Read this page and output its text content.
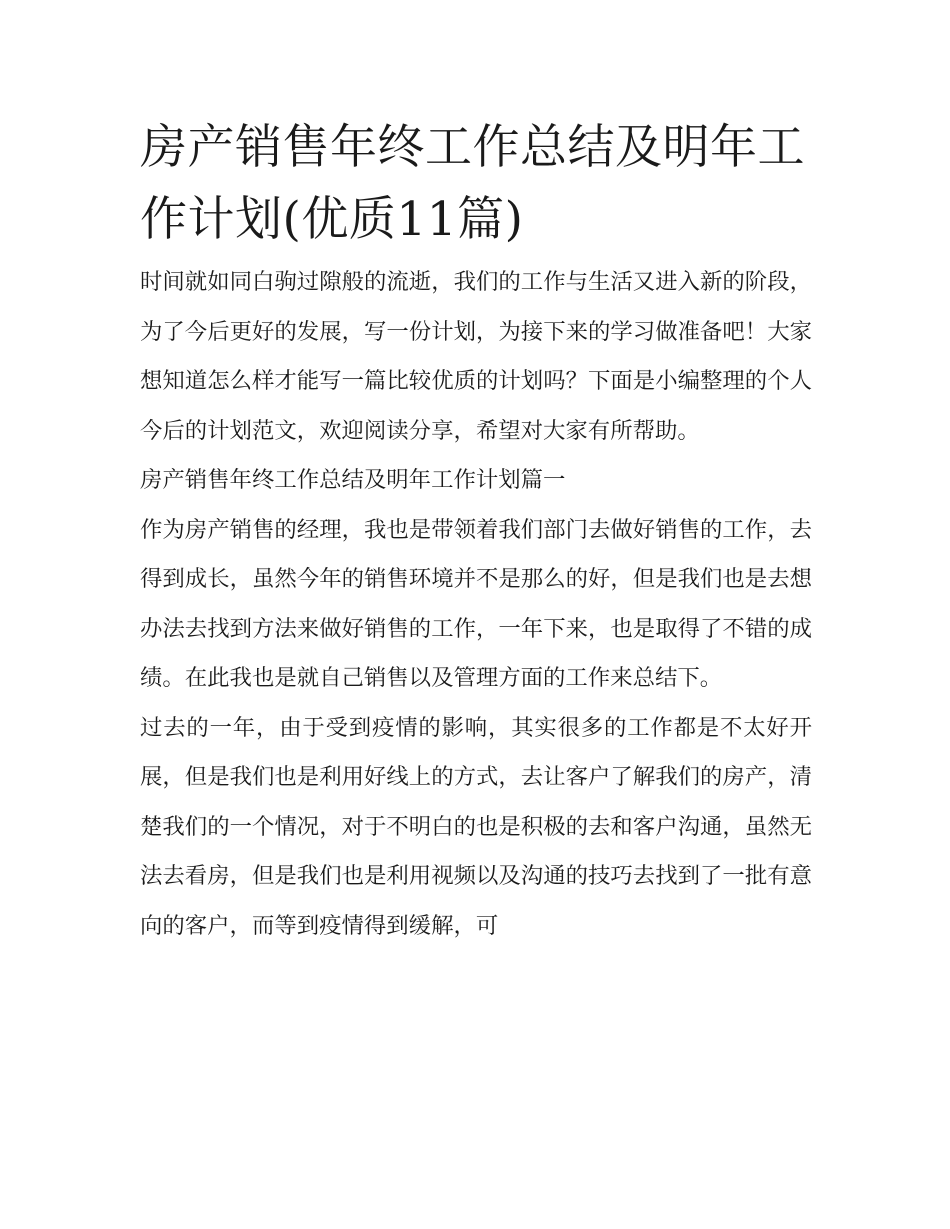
房产销售年终工作总结及明年工作计划(优质11篇)

时间就如同白驹过隙般的流逝，我们的工作与生活又进入新的阶段，为了今后更好的发展，写一份计划，为接下来的学习做准备吧！大家想知道怎么样才能写一篇比较优质的计划吗？下面是小编整理的个人今后的计划范文，欢迎阅读分享，希望对大家有所帮助。

房产销售年终工作总结及明年工作计划篇一

作为房产销售的经理，我也是带领着我们部门去做好销售的工作，去得到成长，虽然今年的销售环境并不是那么的好，但是我们也是去想办法去找到方法来做好销售的工作，一年下来，也是取得了不错的成绩。在此我也是就自己销售以及管理方面的工作来总结下。

过去的一年，由于受到疫情的影响，其实很多的工作都是不太好开展，但是我们也是利用好线上的方式，去让客户了解我们的房产，清楚我们的一个情况，对于不明白的也是积极的去和客户沟通，虽然无法去看房，但是我们也是利用视频以及沟通的技巧去找到了一批有意向的客户，而等到疫情得到缓解，可
